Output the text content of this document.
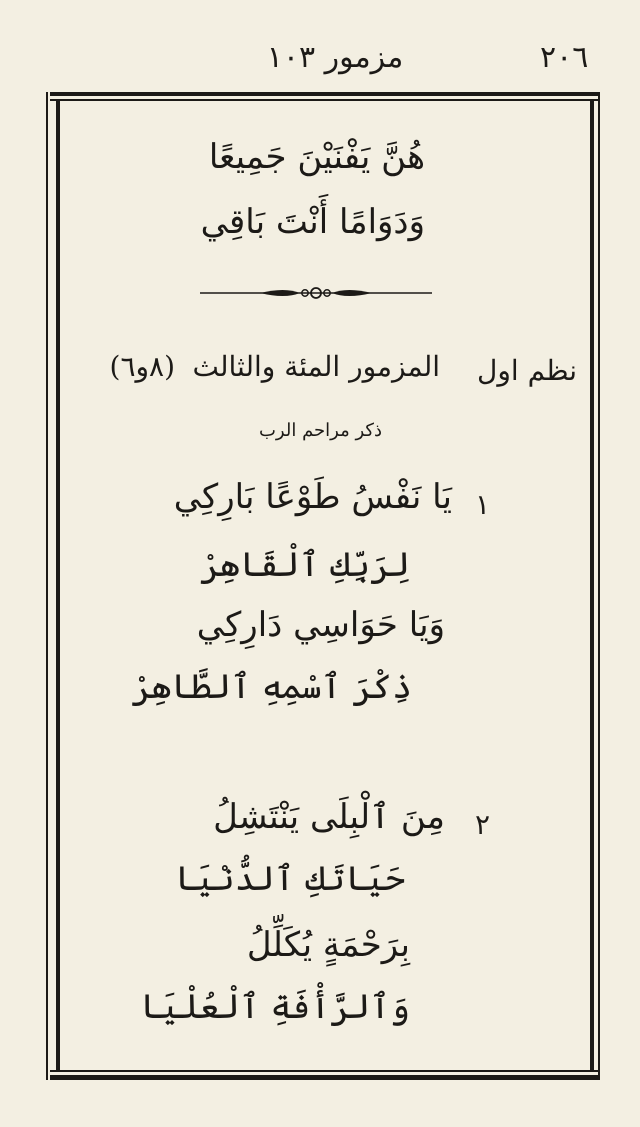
٢٠٦
مزمور ١٠٣
هُنَّ يَفْنَيْنَ جَمِيعًا
وَدَوَامًا أَنْتَ بَاقِي
نظم اول
المزمور المئة والثالث
(٨و٦)
ذكر مراحم الرب
١
يَا نَفْسُ طَوْعًا بَارِكِي
لِرَبِّكِ ٱلْقَاهِرْ
وَيَا حَوَاسِي دَارِكِي
ذِكْرَ ٱسْمِهِ ٱلطَّاهِرْ
٢
مِنَ ٱلْبِلَى يَنْتَشِلُ
حَيَاتَكِ ٱلدُّنْيَا
بِرَحْمَةٍ يُكَلِّلُ
وَٱلرَّأْفَةِ ٱلْعُلْيَا
